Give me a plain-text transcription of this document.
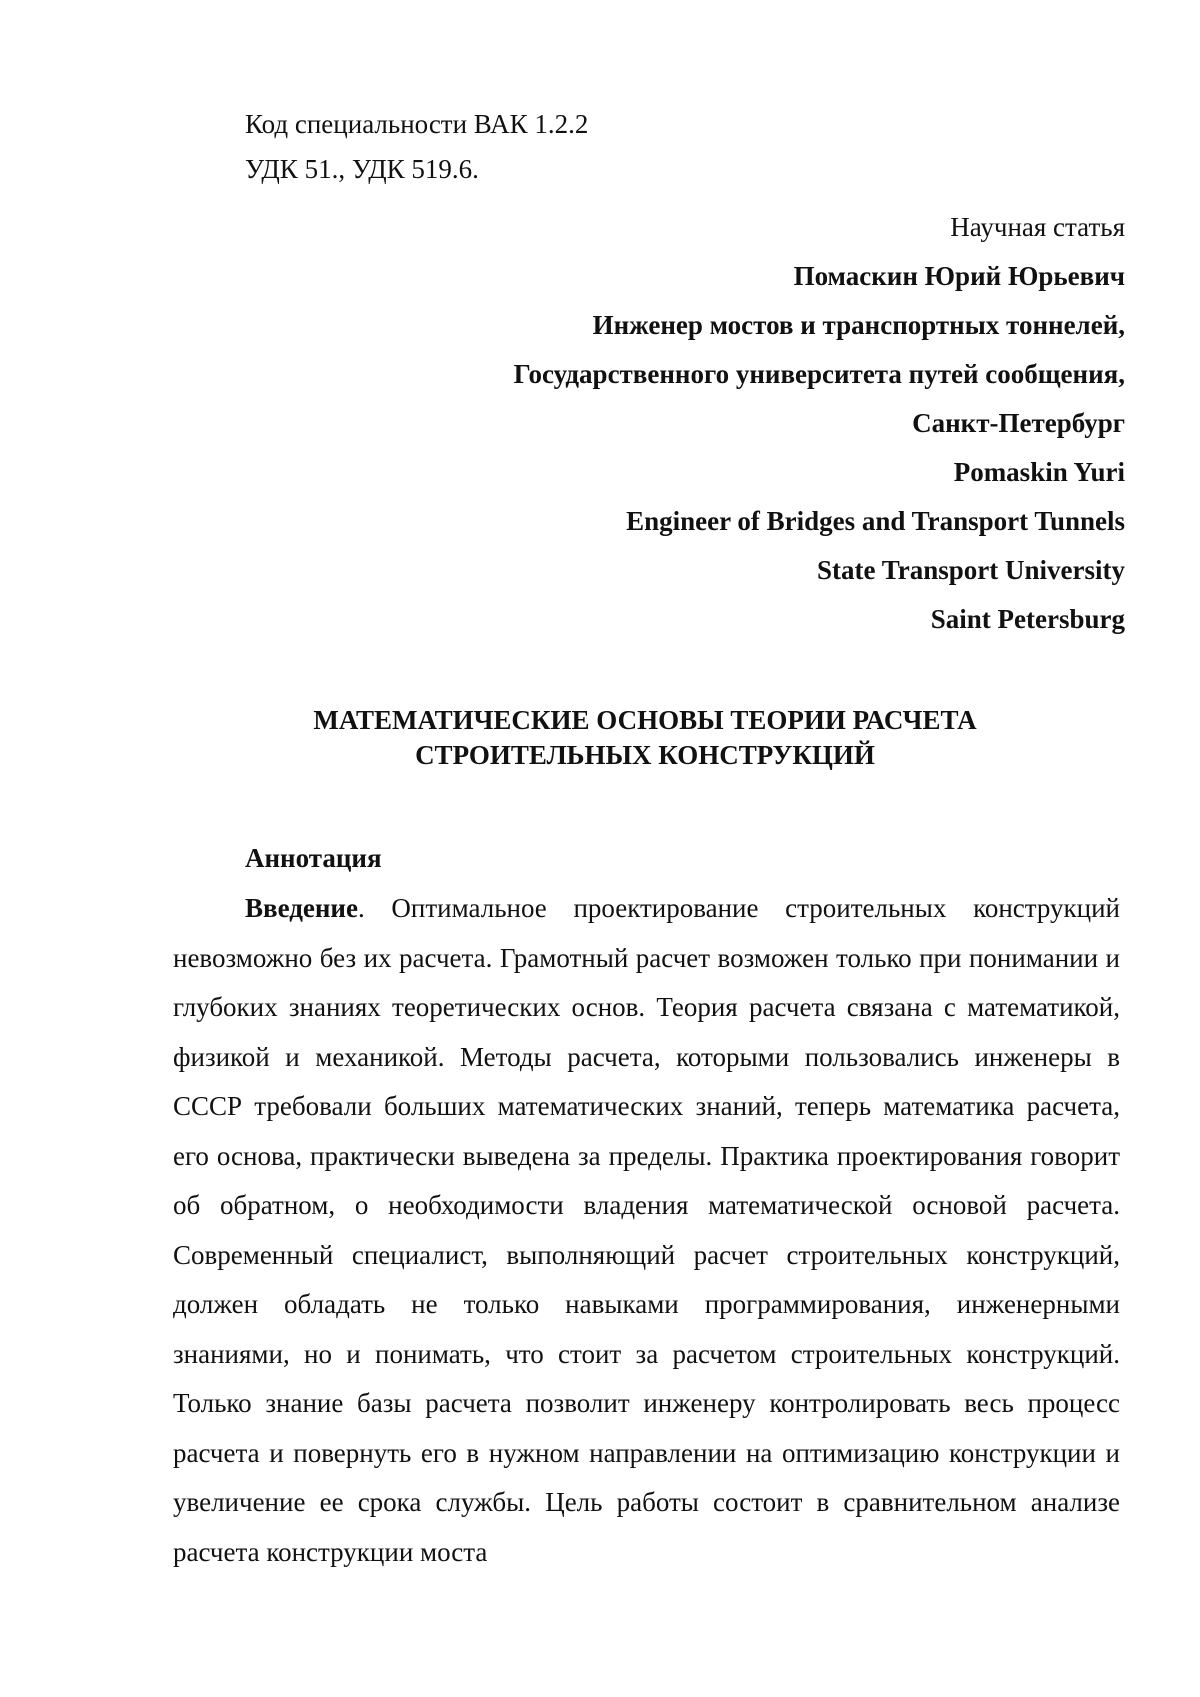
Код специальности ВАК 1.2.2
УДК 51., УДК 519.6.
Научная статья
Помаскин Юрий Юрьевич
Инженер мостов и транспортных тоннелей,
Государственного университета путей сообщения,
Санкт-Петербург
Pomaskin Yuri
Engineer of Bridges and Transport Tunnels
State Transport University
Saint Petersburg
МАТЕМАТИЧЕСКИЕ ОСНОВЫ ТЕОРИИ РАСЧЕТА
СТРОИТЕЛЬНЫХ КОНСТРУКЦИЙ
Аннотация
Введение. Оптимальное проектирование строительных конструкций невозможно без их расчета. Грамотный расчет возможен только при понимании и глубоких знаниях теоретических основ. Теория расчета связана с математикой, физикой и механикой. Методы расчета, которыми пользовались инженеры в СССР требовали больших математических знаний, теперь математика расчета, его основа, практически выведена за пределы. Практика проектирования говорит об обратном, о необходимости владения математической основой расчета. Современный специалист, выполняющий расчет строительных конструкций, должен обладать не только навыками программирования, инженерными знаниями, но и понимать, что стоит за расчетом строительных конструкций. Только знание базы расчета позволит инженеру контролировать весь процесс расчета и повернуть его в нужном направлении на оптимизацию конструкции и увеличение ее срока службы. Цель работы состоит в сравнительном анализе расчета конструкции моста
